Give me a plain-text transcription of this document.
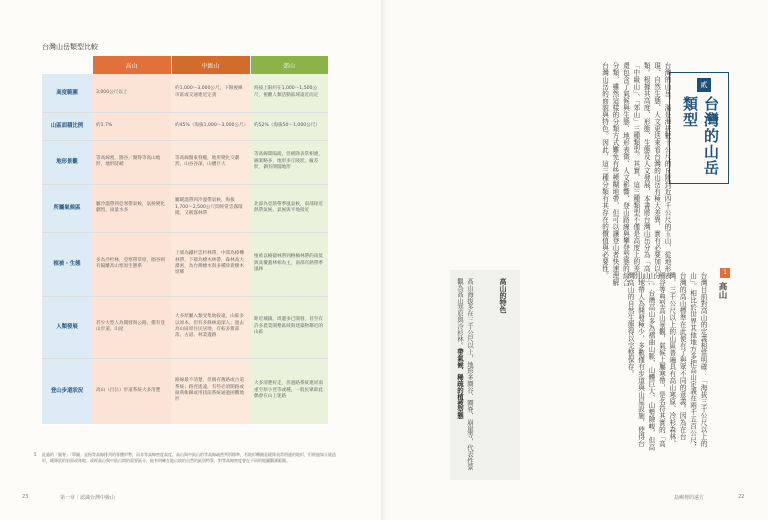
台灣山岳類型比較
	高山	中級山	郊山
高度範圍	3,000公尺以上	約1,000～3,000公尺，下限視緯市區或交通連近定義	海拔上限約在1,000～1,500公尺，視離人類活動區域遠近而定
山區面積比例	約1.7%	約45%（海拔1,000～3,000公尺）	約52%（海拔50～1,000公尺）
地形景觀	等高線密，圈谷／圈脊等高山地形，地形陡峭	等高線圈東脊縱，地形變化交劇烈，山谷谷深、山體巨大	等高線間隔疏，但緩降表常相連，圖案略多，地形多丘陵狀，級差狀，偶有開闊地形
所屬氣候區	屬冷溫帶到亞寒帶氣候，氣候變化劇烈，雨量水多	屬暖溫帶到冷溫帶氣候，海拔1,700～2,500公尺間經常雲霧環繞，又稱霧林帶	北部為亞熱帶季風氣候，南部接近熱帶氣候，氣候與平地接近
植被・生態	多為冷杉林，亞寒帶草原，圈谷則有隔離高山寒原生態系	上層為鐵杉雲杉林帶，中間為樟櫟林帶，下層為檜木林帶，森林高大濃密，為台灣檜木與多種珍貴樹木原鄉	植被以楠櫧林帶到榕楠林帶的南低與高覆蓋林相為主，南部有熱帶季風林
人類發展	甚少大型人為開發與公路，僅有登山步道、山屋	大多原屬入類受集地較遠，山區多以原本，但有多條林道深入；過去為山區原住民居地，有較多舊部落、古道、林業遺跡	距近城鎮，周邊多已開發，甚至有許多農業開墾區域與建築物鄰近的山區
登山步道狀況	高山（百岳）步道系統大多清楚	路線最不清楚，但偶有舊路或古道系統；路徑遙遠，有些必須開路或披荊斬棘或用找前系統通過困難地形	大多清楚好走，但過路系統連同南重至原小徑等或種，一般民眾即此偶會在山上迷路
5 此處的「圈脊」「單圈」是指等高線排列的專體形勢，而非等高線密度高度。高山與中級山的等高線疏密判別標準，若地形轉圈是緩降表常相連的地形，但經過如丘陵造形，緩降狀的斜面或林地；或經高山與中級山間的重要區分，能有明確在地山坡的自然的區別特質，對等高線密度會在不同的地圖觀測範圍。
23	第一章｜認識台灣中級山
貳
台灣的山岳類型
台灣的山岳，滿是海拔數十公尺的丘陵到近四千公尺的玉山，從地形表現、自然生態、人文更迭來看台灣的山岳有極大差異，實有必要加以分類。根據其高度、形態、生態及人文發展，本書將台灣山岳分為「高山」、「中級山」、「郊山」三種類型。其實，這三種類型不僅是高度上的差別，還包含了氣候與生態、地形表徵、人文影響、登山路線與攀登型態的綜合分類，雖然這樣的分類方式難免有些模糊地帶，但可以讓登山者快速理解台灣山岳的面貌與特色。因此，這三種分類有其存在的價值與必要性。	1
高山
台灣目前對高山的定義相當明確：「海拔三千公尺以上的山」。相比於世界其他地方多把高山定義在兩千五百公尺，台灣的高山標準在此便有了與眾不同的意義。因為在台灣，三千公尺以上的山區普遍具有高山寒原、冷杉森林、圈谷等典型高山景觀，氣候上屬寒帶，是名符其實的「高山」。台灣高山多為褶曲山脈，山體巨大、山勢險峻，但高山地帶人為開發極少，多數僅有步道與山屋設施，使得台灣高山的自然生態得以完整保存。
高山的特色
高山海拔多在三千公尺以上，地形多圈谷、圈脊、崩崖等，代表性景觀為高山寒原與冷杉林。帶氣候、稀疏的植被型態
島嶼裡的遠方	22
